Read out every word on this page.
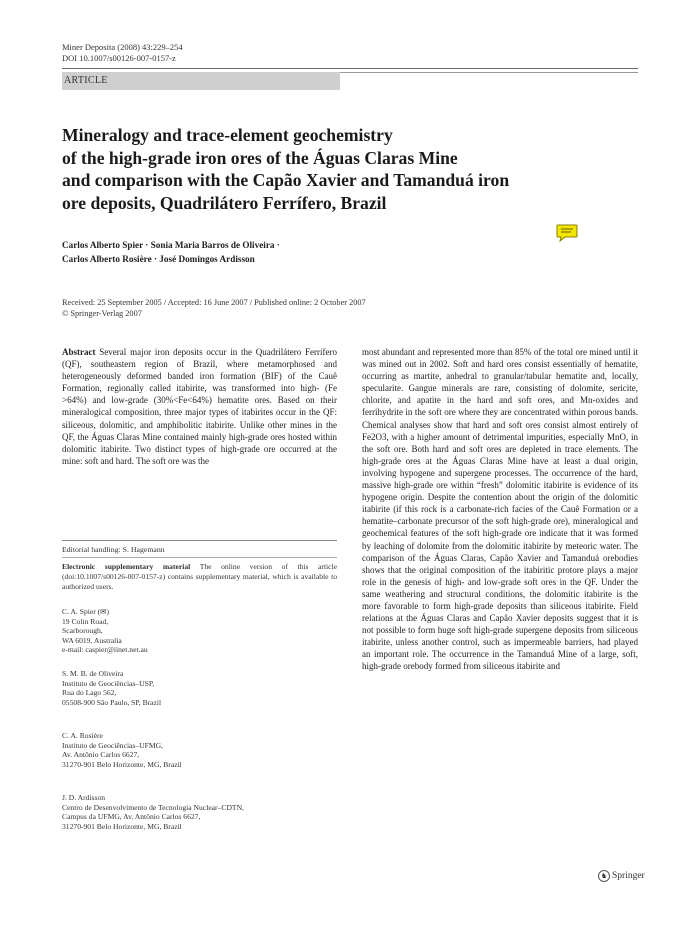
Miner Deposita (2008) 43:229–254
DOI 10.1007/s00126-007-0157-z
ARTICLE
Mineralogy and trace-element geochemistry
of the high-grade iron ores of the Águas Claras Mine
and comparison with the Capão Xavier and Tamanduá iron
ore deposits, Quadrilátero Ferrífero, Brazil
Carlos Alberto Spier · Sonia Maria Barros de Oliveira ·
Carlos Alberto Rosière · José Domingos Ardisson
Received: 25 September 2005 / Accepted: 16 June 2007 / Published online: 2 October 2007
© Springer-Verlag 2007

Abstract Several major iron deposits occur in the Quadrilátero Ferrífero (QF), southeastern region of Brazil, where metamorphosed and heterogeneously deformed banded iron formation (BIF) of the Cauê Formation, regionally called itabirite, was transformed into high- (Fe >64%) and low-grade (30%<Fe<64%) hematite ores. Based on their mineralogical composition, three major types of itabirites occur in the QF: siliceous, dolomitic, and amphibolitic itabirite. Unlike other mines in the QF, the Águas Claras Mine contained mainly high-grade ores hosted within dolomitic itabirite. Two distinct types of high-grade ore occurred at the mine: soft and hard. The soft ore was the

Editorial handling: S. Hagemann
Electronic supplementary material The online version of this article (doi:10.1007/s00126-007-0157-z) contains supplementary material, which is available to authorized users.
C. A. Spier (✉)
19 Colin Road,
Scarborough,
WA 6019, Australia
e-mail: caspier@iinet.net.au
S. M. B. de Oliveira
Instituto de Geociências–USP,
Rua do Lago 562,
05508-900 São Paulo, SP, Brazil
C. A. Rosière
Instituto de Geociências–UFMG,
Av. Antônio Carlos 6627,
31270-901 Belo Horizonte, MG, Brazil
J. D. Ardisson
Centro de Desenvolvimento de Tecnologia Nuclear–CDTN,
Campus da UFMG, Av. Antônio Carlos 6627,
31270-901 Belo Horizonte, MG, Brazil

most abundant and represented more than 85% of the total ore mined until it was mined out in 2002. Soft and hard ores consist essentially of hematite, occurring as martite, anhedral to granular/tabular hematite and, locally, specularite. Gangue minerals are rare, consisting of dolomite, sericite, chlorite, and apatite in the hard and soft ores, and Mn-oxides and ferrihydrite in the soft ore where they are concentrated within porous bands. Chemical analyses show that hard and soft ores consist almost entirely of Fe2O3, with a higher amount of detrimental impurities, especially MnO, in the soft ore. Both hard and soft ores are depleted in trace elements. The high-grade ores at the Águas Claras Mine have at least a dual origin, involving hypogene and supergene processes. The occurrence of the hard, massive high-grade ore within “fresh” dolomitic itabirite is evidence of its hypogene origin. Despite the contention about the origin of the dolomitic itabirite (if this rock is a carbonate-rich facies of the Cauê Formation or a hematite–carbonate precursor of the soft high-grade ore), mineralogical and geochemical features of the soft high-grade ore indicate that it was formed by leaching of dolomite from the dolomitic itabirite by meteoric water. The comparison of the Águas Claras, Capão Xavier and Tamanduá orebodies shows that the original composition of the itabiritic protore plays a major role in the genesis of high- and low-grade soft ores in the QF. Under the same weathering and structural conditions, the dolomitic itabirite is the more favorable to form high-grade deposits than siliceous itabirite. Field relations at the Águas Claras and Capão Xavier deposits suggest that it is not possible to form huge soft high-grade supergene deposits from siliceous itabirite, unless another control, such as impermeable barriers, had played an important role. The occurrence in the Tamanduá Mine of a large, soft, high-grade orebody formed from siliceous itabirite and

♞ Springer
